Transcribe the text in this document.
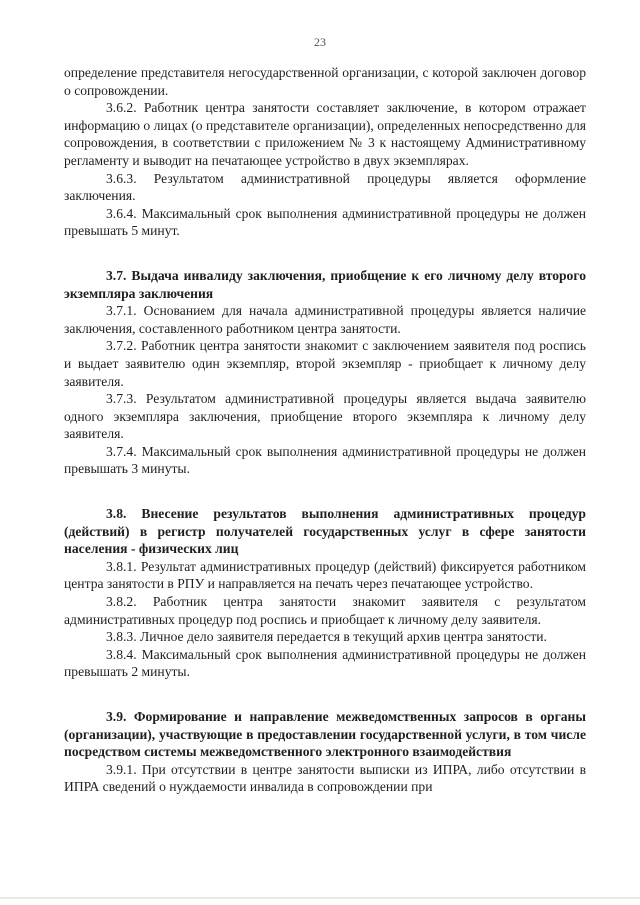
23

определение представителя негосударственной организации, с которой заключен договор о сопровождении.

3.6.2. Работник центра занятости составляет заключение, в котором отражает информацию о лицах (о представителе организации), определенных непосредственно для сопровождения, в соответствии с приложением № 3 к настоящему Административному регламенту и выводит на печатающее устройство в двух экземплярах.

3.6.3. Результатом административной процедуры является оформление заключения.

3.6.4. Максимальный срок выполнения административной процедуры не должен превышать 5 минут.

3.7. Выдача инвалиду заключения, приобщение к его личному делу второго экземпляра заключения

3.7.1. Основанием для начала административной процедуры является наличие заключения, составленного работником центра занятости.

3.7.2. Работник центра занятости знакомит с заключением заявителя под роспись и выдает заявителю один экземпляр, второй экземпляр - приобщает к личному делу заявителя.

3.7.3. Результатом административной процедуры является выдача заявителю одного экземпляра заключения, приобщение второго экземпляра к личному делу заявителя.

3.7.4. Максимальный срок выполнения административной процедуры не должен превышать 3 минуты.

3.8. Внесение результатов выполнения административных процедур (действий) в регистр получателей государственных услуг в сфере занятости населения - физических лиц

3.8.1. Результат административных процедур (действий) фиксируется работником центра занятости в РПУ и направляется на печать через печатающее устройство.

3.8.2. Работник центра занятости знакомит заявителя с результатом административных процедур под роспись и приобщает к личному делу заявителя.

3.8.3. Личное дело заявителя передается в текущий архив центра занятости.

3.8.4. Максимальный срок выполнения административной процедуры не должен превышать 2 минуты.

3.9. Формирование и направление межведомственных запросов в органы (организации), участвующие в предоставлении государственной услуги, в том числе посредством системы межведомственного электронного взаимодействия

3.9.1. При отсутствии в центре занятости выписки из ИПРА, либо отсутствии в ИПРА сведений о нуждаемости инвалида в сопровождении при
